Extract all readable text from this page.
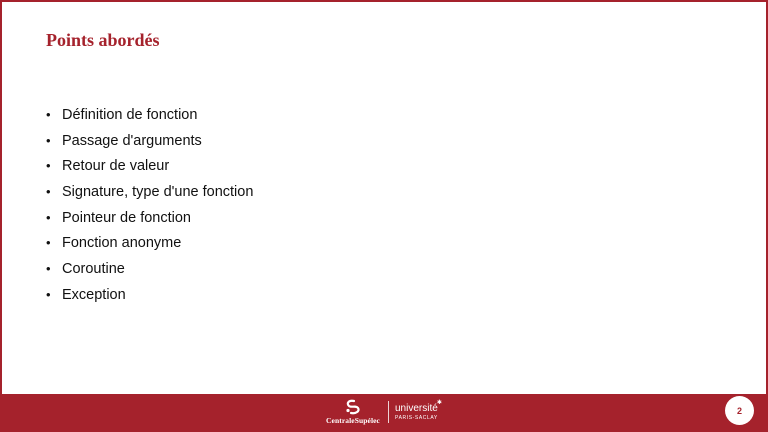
Points abordés
• Définition de fonction
• Passage d'arguments
• Retour de valeur
• Signature, type d'une fonction
• Pointeur de fonction
• Fonction anonyme
• Coroutine
• Exception
CentraleSupélec
✱
université
PARIS-SACLAY
2
